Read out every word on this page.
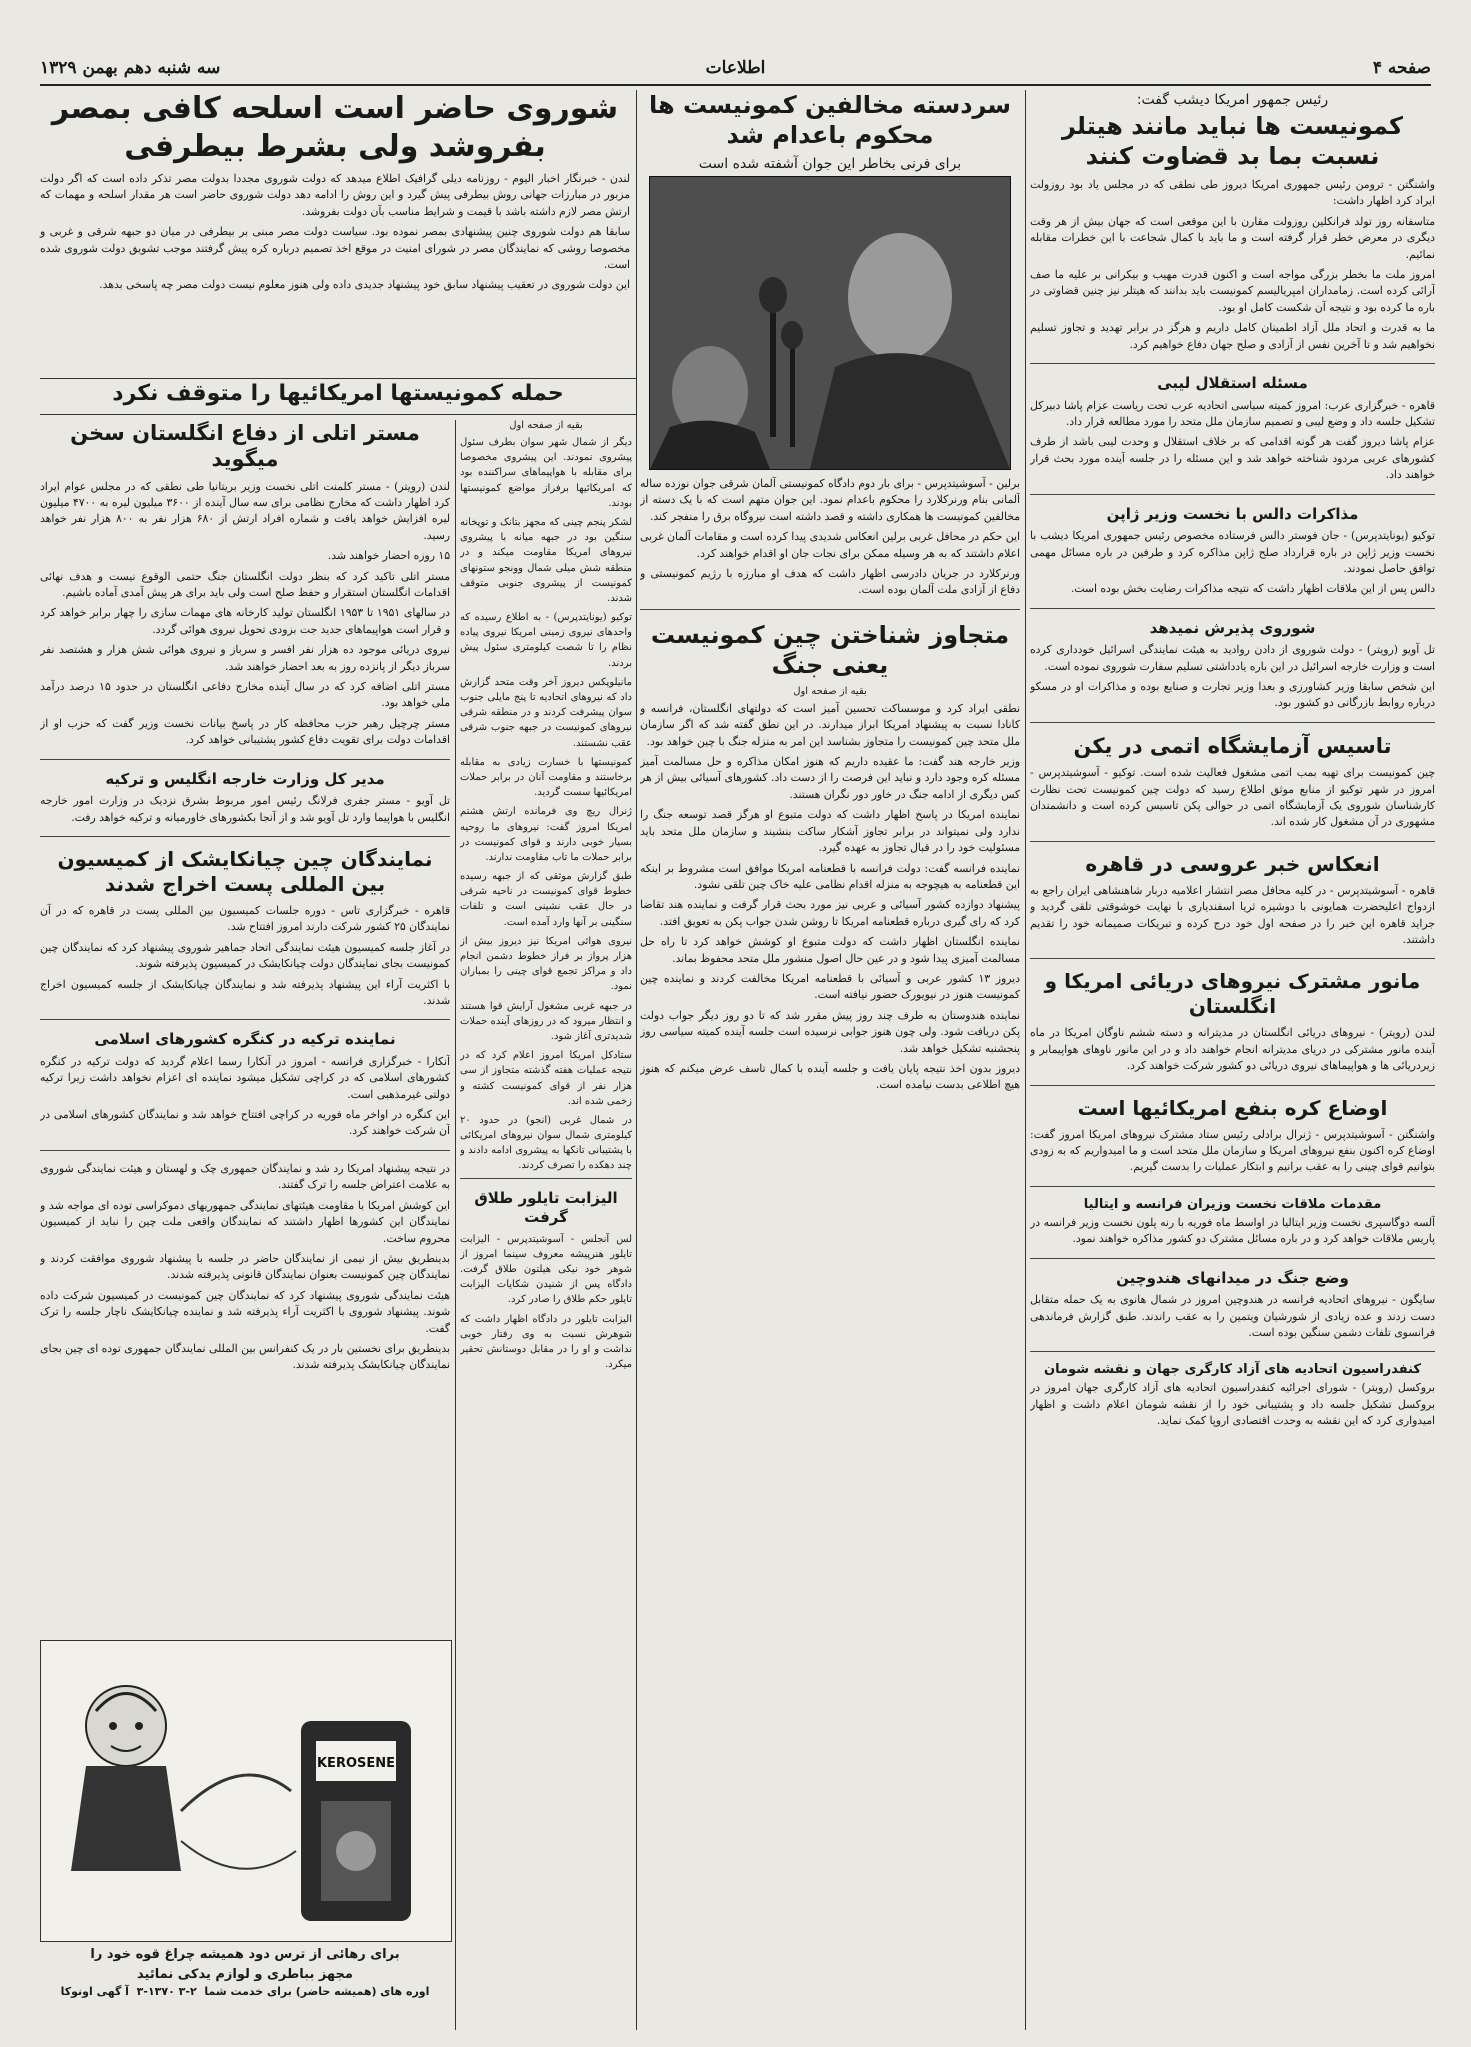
صفحه ۴
اطلاعات
سه شنبه دهم بهمن ۱۳۲۹
رئیس جمهور امریکا دیشب گفت:
کمونیست ها نباید مانند هیتلر نسبت بما بد قضاوت کنند

واشنگتن - ترومن رئیس جمهوری امریکا دیروز طی نطقی که در مجلس یاد بود روزولت ایراد کرد اظهار داشت:

متاسفانه روز تولد فرانکلین روزولت مقارن با این موقعی است که جهان بیش از هر وقت دیگری در معرض خطر قرار گرفته است و ما باید با کمال شجاعت با این خطرات مقابله نمائیم.

امروز ملت ما بخطر بزرگی مواجه است و اکنون قدرت مهیب و بیکرانی بر علیه ما صف آرائی کرده است. زمامداران امپریالیسم کمونیست باید بدانند که هیتلر نیز چنین قضاوتی در باره ما کرده بود و نتیجه آن شکست کامل او بود.

ما به قدرت و اتحاد ملل آزاد اطمینان کامل داریم و هرگز در برابر تهدید و تجاوز تسلیم نخواهیم شد و تا آخرین نفس از آزادی و صلح جهان دفاع خواهیم کرد.

مسئله استقلال لیبی

قاهره - خبرگزاری عرب: امروز کمیته سیاسی اتحادیه عرب تحت ریاست عزام پاشا دبیرکل تشکیل جلسه داد و وضع لیبی و تصمیم سازمان ملل متحد را مورد مطالعه قرار داد.

عزام پاشا دیروز گفت هر گونه اقدامی که بر خلاف استقلال و وحدت لیبی باشد از طرف کشورهای عربی مردود شناخته خواهد شد و این مسئله را در جلسه آینده مورد بحث قرار خواهند داد.

مذاکرات دالس با نخست وزیر ژاپن

توکیو (یونایتدپرس) - جان فوستر دالس فرستاده مخصوص رئیس جمهوری امریکا دیشب با نخست وزیر ژاپن در باره قرارداد صلح ژاپن مذاکره کرد و طرفین در باره مسائل مهمی توافق حاصل نمودند.

دالس پس از این ملاقات اظهار داشت که نتیجه مذاکرات رضایت بخش بوده است.

شوروی پذیرش نمیدهد

تل آویو (رویتر) - دولت شوروی از دادن روادید به هیئت نمایندگی اسرائیل خودداری کرده است و وزارت خارجه اسرائیل در این باره یادداشتی تسلیم سفارت شوروی نموده است.

این شخص سابقا وزیر کشاورزی و بعدا وزیر تجارت و صنایع بوده و مذاکرات او در مسکو درباره روابط بازرگانی دو کشور بود.

تاسیس آزمایشگاه اتمی در یکن

چین کمونیست برای تهیه بمب اتمی مشغول فعالیت شده است. توکیو - آسوشیتدپرس - امروز در شهر توکیو از منابع موثق اطلاع رسید که دولت چین کمونیست تحت نظارت کارشناسان شوروی یک آزمایشگاه اتمی در حوالی پکن تاسیس کرده است و دانشمندان مشهوری در آن مشغول کار شده اند.

انعکاس خبر عروسی در قاهره

قاهره - آسوشیتدپرس - در کلیه محافل مصر انتشار اعلامیه دربار شاهنشاهی ایران راجع به ازدواج اعلیحضرت همایونی با دوشیزه ثریا اسفندیاری با نهایت خوشوقتی تلقی گردید و جراید قاهره این خبر را در صفحه اول خود درج کرده و تبریکات صمیمانه خود را تقدیم داشتند.

مانور مشترک نیروهای دریائی امریکا و انگلستان

لندن (رویتر) - نیروهای دریائی انگلستان در مدیترانه و دسته ششم ناوگان امریکا در ماه آینده مانور مشترکی در دریای مدیترانه انجام خواهند داد و در این مانور ناوهای هواپیمابر و زیردریائی ها و هواپیماهای نیروی دریائی دو کشور شرکت خواهند کرد.

اوضاع کره بنفع امریکائیها است

واشنگتن - آسوشیتدپرس - ژنرال برادلی رئیس ستاد مشترک نیروهای امریکا امروز گفت: اوضاع کره اکنون بنفع نیروهای امریکا و سازمان ملل متحد است و ما امیدواریم که به زودی بتوانیم قوای چینی را به عقب برانیم و ابتکار عملیات را بدست گیریم.

مقدمات ملاقات نخست وزیران فرانسه و ایتالیا

آلسه دوگاسپری نخست وزیر ایتالیا در اواسط ماه فوریه با رنه پلون نخست وزیر فرانسه در پاریس ملاقات خواهد کرد و در باره مسائل مشترک دو کشور مذاکره خواهند نمود.

وضع جنگ در میدانهای هندوچین

سایگون - نیروهای اتحادیه فرانسه در هندوچین امروز در شمال هانوی به یک حمله متقابل دست زدند و عده زیادی از شورشیان ویتمین را به عقب راندند. طبق گزارش فرماندهی فرانسوی تلفات دشمن سنگین بوده است.

کنفدراسیون اتحادیه های آزاد کارگری جهان و نقشه شومان

بروکسل (رویتر) - شورای اجرائیه کنفدراسیون اتحادیه های آزاد کارگری جهان امروز در بروکسل تشکیل جلسه داد و پشتیبانی خود را از نقشه شومان اعلام داشت و اظهار امیدواری کرد که این نقشه به وحدت اقتصادی اروپا کمک نماید.

سردسته مخالفین کمونیست ها محکوم باعدام شد
برای فرنی بخاطر این جوان آشفته شده است

برلین - آسوشیتدپرس - برای بار دوم دادگاه کمونیستی آلمان شرقی جوان نوزده ساله آلمانی بنام ورنرکلارد را محکوم باعدام نمود. این جوان متهم است که با یک دسته از مخالفین کمونیست ها همکاری داشته و قصد داشته است نیروگاه برق را منفجر کند.

این حکم در محافل غربی برلین انعکاس شدیدی پیدا کرده است و مقامات آلمان غربی اعلام داشتند که به هر وسیله ممکن برای نجات جان او اقدام خواهند کرد.

ورنرکلارد در جریان دادرسی اظهار داشت که هدف او مبارزه با رژیم کمونیستی و دفاع از آزادی ملت آلمان بوده است.

متجاوز شناختن چین کمونیست یعنی جنگ
بقیه از صفحه اول

نطقی ایراد کرد و موسساکت تحسین آمیز است که دولتهای انگلستان، فرانسه و کانادا نسبت به پیشنهاد امریکا ابراز میدارند. در این نطق گفته شد که اگر سازمان ملل متحد چین کمونیست را متجاوز بشناسد این امر به منزله جنگ با چین خواهد بود.

وزیر خارجه هند گفت: ما عقیده داریم که هنوز امکان مذاکره و حل مسالمت آمیز مسئله کره وجود دارد و نباید این فرصت را از دست داد. کشورهای آسیائی بیش از هر کس دیگری از ادامه جنگ در خاور دور نگران هستند.

نماینده امریکا در پاسخ اظهار داشت که دولت متبوع او هرگز قصد توسعه جنگ را ندارد ولی نمیتواند در برابر تجاوز آشکار ساکت بنشیند و سازمان ملل متحد باید مسئولیت خود را در قبال تجاوز به عهده گیرد.

نماینده فرانسه گفت: دولت فرانسه با قطعنامه امریکا موافق است مشروط بر اینکه این قطعنامه به هیچوجه به منزله اقدام نظامی علیه خاک چین تلقی نشود.

پیشنهاد دوازده کشور آسیائی و عربی نیز مورد بحث قرار گرفت و نماینده هند تقاضا کرد که رای گیری درباره قطعنامه امریکا تا روشن شدن جواب پکن به تعویق افتد.

نماینده انگلستان اظهار داشت که دولت متبوع او کوشش خواهد کرد تا راه حل مسالمت آمیزی پیدا شود و در عین حال اصول منشور ملل متحد محفوظ بماند.

دیروز ۱۳ کشور عربی و آسیائی با قطعنامه امریکا مخالفت کردند و نماینده چین کمونیست هنوز در نیویورک حضور نیافته است.

نماینده هندوستان به طرف چند روز پیش مقرر شد که تا دو روز دیگر جواب دولت پکن دریافت شود. ولی چون هنوز جوابی نرسیده است جلسه آینده کمیته سیاسی روز پنجشنبه تشکیل خواهد شد.

دیروز بدون اخذ نتیجه پایان یافت و جلسه آینده با کمال تاسف عرض میکنم که هنوز هیچ اطلاعی بدست نیامده است.

شوروی حاضر است اسلحه کافی بمصر بفروشد ولی بشرط بیطرفی

لندن - خبرنگار اخبار الیوم - روزنامه دیلی گرافیک اطلاع میدهد که دولت شوروی مجددا بدولت مصر تذکر داده است که اگر دولت مزبور در مبارزات جهانی روش بیطرفی پیش گیرد و این روش را ادامه دهد دولت شوروی حاضر است هر مقدار اسلحه و مهمات که ارتش مصر لازم داشته باشد با قیمت و شرایط مناسب بآن دولت بفروشد.

سابقا هم دولت شوروی چنین پیشنهادی بمصر نموده بود. سیاست دولت مصر مبنی بر بیطرفی در میان دو جبهه شرقی و غربی و مخصوصا روشی که نمایندگان مصر در شورای امنیت در موقع اخذ تصمیم درباره کره پیش گرفتند موجب تشویق دولت شوروی شده است.

این دولت شوروی در تعقیب پیشنهاد سابق خود پیشنهاد جدیدی داده ولی هنوز معلوم نیست دولت مصر چه پاسخی بدهد.

حمله کمونیستها امریکائیها را متوقف نکرد
بقیه از صفحه اول

دیگر از شمال شهر سوان بطرف سئول پیشروی نمودند. این پیشروی مخصوصا برای مقابله با هواپیماهای سراکننده بود که امریکائیها برفراز مواضع کمونیستها بودند.

لشکر پنجم چینی که مجهز بتانک و توپخانه سنگین بود در جبهه میانه با پیشروی نیروهای امریکا مقاومت میکند و در منطقه شش میلی شمال وونجو ستونهای کمونیست از پیشروی جنوبی متوقف شدند.

توکیو (یونایتدپرس) - به اطلاع رسیده که واحدهای نیروی زمینی امریکا نیروی پیاده نظام را تا شصت کیلومتری سئول پیش بردند.

مانیلوپکس دیروز آخر وقت متحد گزارش داد که نیروهای اتحادیه تا پنج مایلی جنوب سوان پیشرفت کردند و در منطقه شرقی نیروهای کمونیست در جبهه جنوب شرقی عقب نشستند.

کمونیستها با خسارت زیادی به مقابله برخاستند و مقاومت آنان در برابر حملات امریکائیها سست گردید.

ژنرال ریچ وی فرمانده ارتش هشتم امریکا امروز گفت: نیروهای ما روحیه بسیار خوبی دارند و قوای کمونیست در برابر حملات ما تاب مقاومت ندارند.

طبق گزارش موثقی که از جبهه رسیده خطوط قوای کمونیست در ناحیه شرقی در حال عقب نشینی است و تلفات سنگینی بر آنها وارد آمده است.

نیروی هوائی امریکا نیز دیروز بیش از هزار پرواز بر فراز خطوط دشمن انجام داد و مراکز تجمع قوای چینی را بمباران نمود.

در جبهه غربی مشغول آرایش قوا هستند و انتظار میرود که در روزهای آینده حملات شدیدتری آغاز شود.

ستادکل امریکا امروز اعلام کرد که در نتیجه عملیات هفته گذشته متجاوز از سی هزار نفر از قوای کمونیست کشته و زخمی شده اند.

در شمال غربی (انجو) در حدود ۲۰ کیلومتری شمال سوان نیروهای امریکائی با پشتیبانی تانکها به پیشروی ادامه دادند و چند دهکده را تصرف کردند.

الیزابت تایلور طلاق گرفت

لس آنجلس - آسوشیتدپرس - الیزابت تایلور هنرپیشه معروف سینما امروز از شوهر خود نیکی هیلتون طلاق گرفت. دادگاه پس از شنیدن شکایات الیزابت تایلور حکم طلاق را صادر کرد.

الیزابت تایلور در دادگاه اظهار داشت که شوهرش نسبت به وی رفتار خوبی نداشت و او را در مقابل دوستانش تحقیر میکرد.

مستر اتلی از دفاع انگلستان سخن میگوید

لندن (رویتر) - مستر کلمنت اتلی نخست وزیر بریتانیا طی نطقی که در مجلس عوام ایراد کرد اظهار داشت که مخارج نظامی برای سه سال آینده از ۳۶۰۰ میلیون لیره به ۴۷۰۰ میلیون لیره افزایش خواهد یافت و شماره افراد ارتش از ۶۸۰ هزار نفر به ۸۰۰ هزار نفر خواهد رسید.

۱۵ روزه احضار خواهند شد.

مستر اتلی تاکید کرد که بنظر دولت انگلستان جنگ حتمی الوقوع نیست و هدف نهائی اقدامات انگلستان استقرار و حفظ صلح است ولی باید برای هر پیش آمدی آماده باشیم.

در سالهای ۱۹۵۱ تا ۱۹۵۳ انگلستان تولید کارخانه های مهمات سازی را چهار برابر خواهد کرد و قرار است هواپیماهای جدید جت بزودی تحویل نیروی هوائی گردد.

نیروی دریائی موجود ده هزار نفر افسر و سرباز و نیروی هوائی شش هزار و هشتصد نفر سرباز دیگر از پانزده روز به بعد احضار خواهند شد.

مستر اتلی اضافه کرد که در سال آینده مخارج دفاعی انگلستان در حدود ۱۵ درصد درآمد ملی خواهد بود.

مستر چرچیل رهبر حزب محافظه کار در پاسخ بیانات نخست وزیر گفت که حزب او از اقدامات دولت برای تقویت دفاع کشور پشتیبانی خواهد کرد.

مدیر کل وزارت خارجه انگلیس و ترکیه

تل آویو - مستر جفری فرلانگ رئیس امور مربوط بشرق نزدیک در وزارت امور خارجه انگلیس با هواپیما وارد تل آویو شد و از آنجا بکشورهای خاورمیانه و ترکیه خواهد رفت.

نمایندگان چین چیانکایشک از کمیسیون بین المللی پست اخراج شدند

قاهره - خبرگزاری تاس - دوره جلسات کمیسیون بین المللی پست در قاهره که در آن نمایندگان ۲۵ کشور شرکت دارند امروز افتتاح شد.

در آغاز جلسه کمیسیون هیئت نمایندگی اتحاد جماهیر شوروی پیشنهاد کرد که نمایندگان چین کمونیست بجای نمایندگان دولت چیانکایشک در کمیسیون پذیرفته شوند.

با اکثریت آراء این پیشنهاد پذیرفته شد و نمایندگان چیانکایشک از جلسه کمیسیون اخراج شدند.

نماینده ترکیه در کنگره کشورهای اسلامی

آنکارا - خبرگزاری فرانسه - امروز در آنکارا رسما اعلام گردید که دولت ترکیه در کنگره کشورهای اسلامی که در کراچی تشکیل میشود نماینده ای اعزام نخواهد داشت زیرا ترکیه دولتی غیرمذهبی است.

این کنگره در اواخر ماه فوریه در کراچی افتتاح خواهد شد و نمایندگان کشورهای اسلامی در آن شرکت خواهند کرد.

در نتیجه پیشنهاد امریکا رد شد و نمایندگان جمهوری چک و لهستان و هیئت نمایندگی شوروی به علامت اعتراض جلسه را ترک گفتند.

این کوشش امریکا با مقاومت هیئتهای نمایندگی جمهوریهای دموکراسی توده ای مواجه شد و نمایندگان این کشورها اظهار داشتند که نمایندگان واقعی ملت چین را نباید از کمیسیون محروم ساخت.

بدینطریق بیش از نیمی از نمایندگان حاضر در جلسه با پیشنهاد شوروی موافقت کردند و نمایندگان چین کمونیست بعنوان نمایندگان قانونی پذیرفته شدند.

هیئت نمایندگی شوروی پیشنهاد کرد که نمایندگان چین کمونیست در کمیسیون شرکت داده شوند. پیشنهاد شوروی با اکثریت آراء پذیرفته شد و نماینده چیانکایشک ناچار جلسه را ترک گفت.

بدینطریق برای نخستین بار در یک کنفرانس بین المللی نمایندگان جمهوری توده ای چین بجای نمایندگان چیانکایشک پذیرفته شدند.

KEROSENE
برای رهائی از ترس دود همیشه چراغ قوه خود را
مجهز بباطری و لوازم یدکی نمائید
اوره های (همیشه حاضر) برای خدمت شما  ۲-۳ ۱۳۷۰-۳  آ گهی اونوکا
